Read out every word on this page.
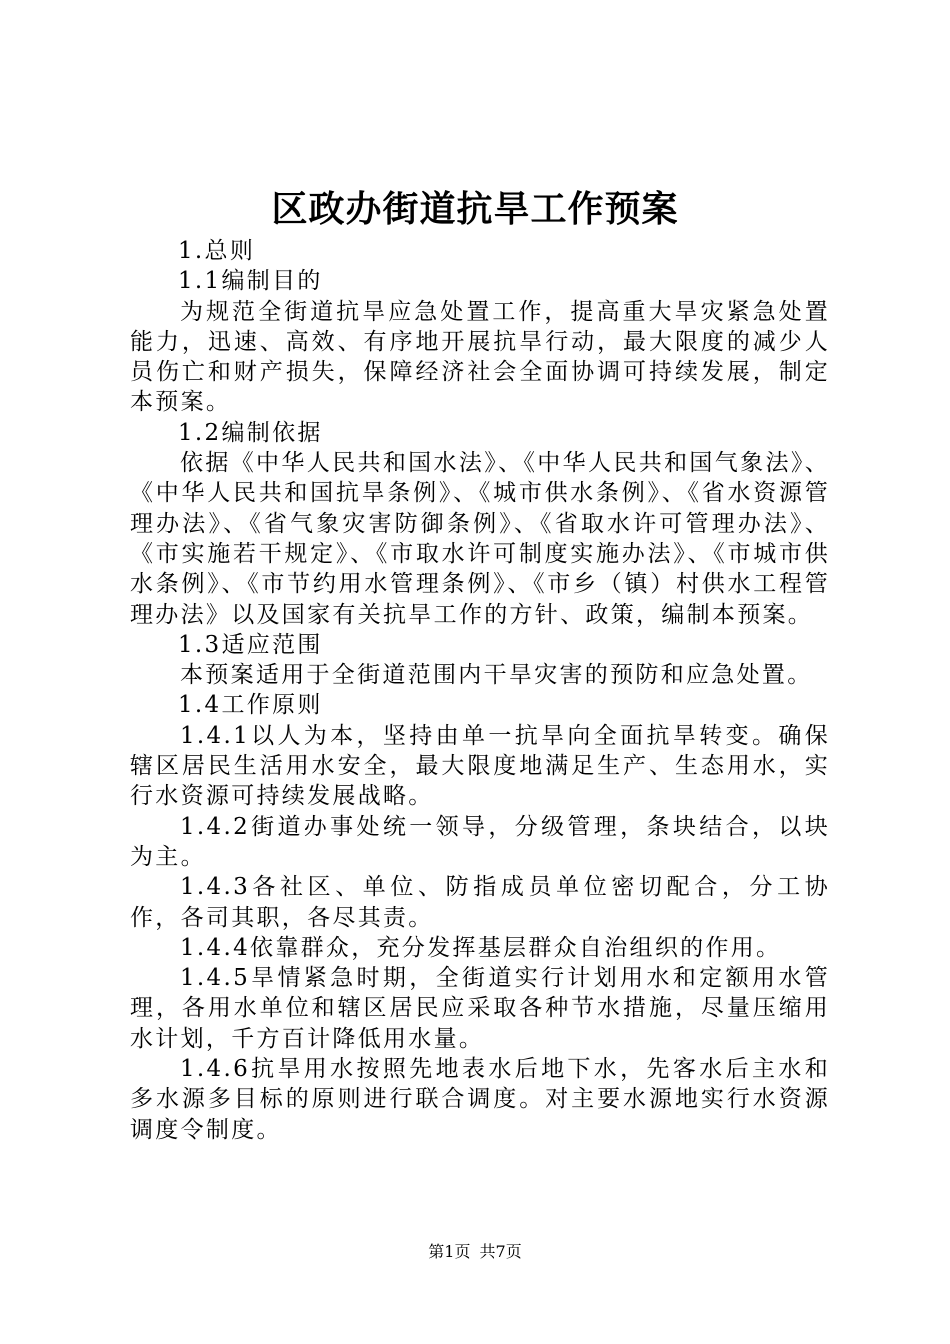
区政办街道抗旱工作预案

1.总则

1.1编制目的

为规范全街道抗旱应急处置工作，提高重大旱灾紧急处置能力，迅速、高效、有序地开展抗旱行动，最大限度的减少人员伤亡和财产损失，保障经济社会全面协调可持续发展，制定本预案。

1.2编制依据

依据《中华人民共和国水法》、《中华人民共和国气象法》、《中华人民共和国抗旱条例》、《城市供水条例》、《省水资源管理办法》、《省气象灾害防御条例》、《省取水许可管理办法》、《市实施若干规定》、《市取水许可制度实施办法》、《市城市供水条例》、《市节约用水管理条例》、《市乡（镇）村供水工程管理办法》以及国家有关抗旱工作的方针、政策，编制本预案。

1.3适应范围

本预案适用于全街道范围内干旱灾害的预防和应急处置。

1.4工作原则

1.4.1以人为本，坚持由单一抗旱向全面抗旱转变。确保辖区居民生活用水安全，最大限度地满足生产、生态用水，实行水资源可持续发展战略。

1.4.2街道办事处统一领导，分级管理，条块结合，以块为主。

1.4.3各社区、单位、防指成员单位密切配合，分工协作，各司其职，各尽其责。

1.4.4依靠群众，充分发挥基层群众自治组织的作用。

1.4.5旱情紧急时期，全街道实行计划用水和定额用水管理，各用水单位和辖区居民应采取各种节水措施，尽量压缩用水计划，千方百计降低用水量。

1.4.6抗旱用水按照先地表水后地下水，先客水后主水和多水源多目标的原则进行联合调度。对主要水源地实行水资源调度令制度。

第1页 共7页
